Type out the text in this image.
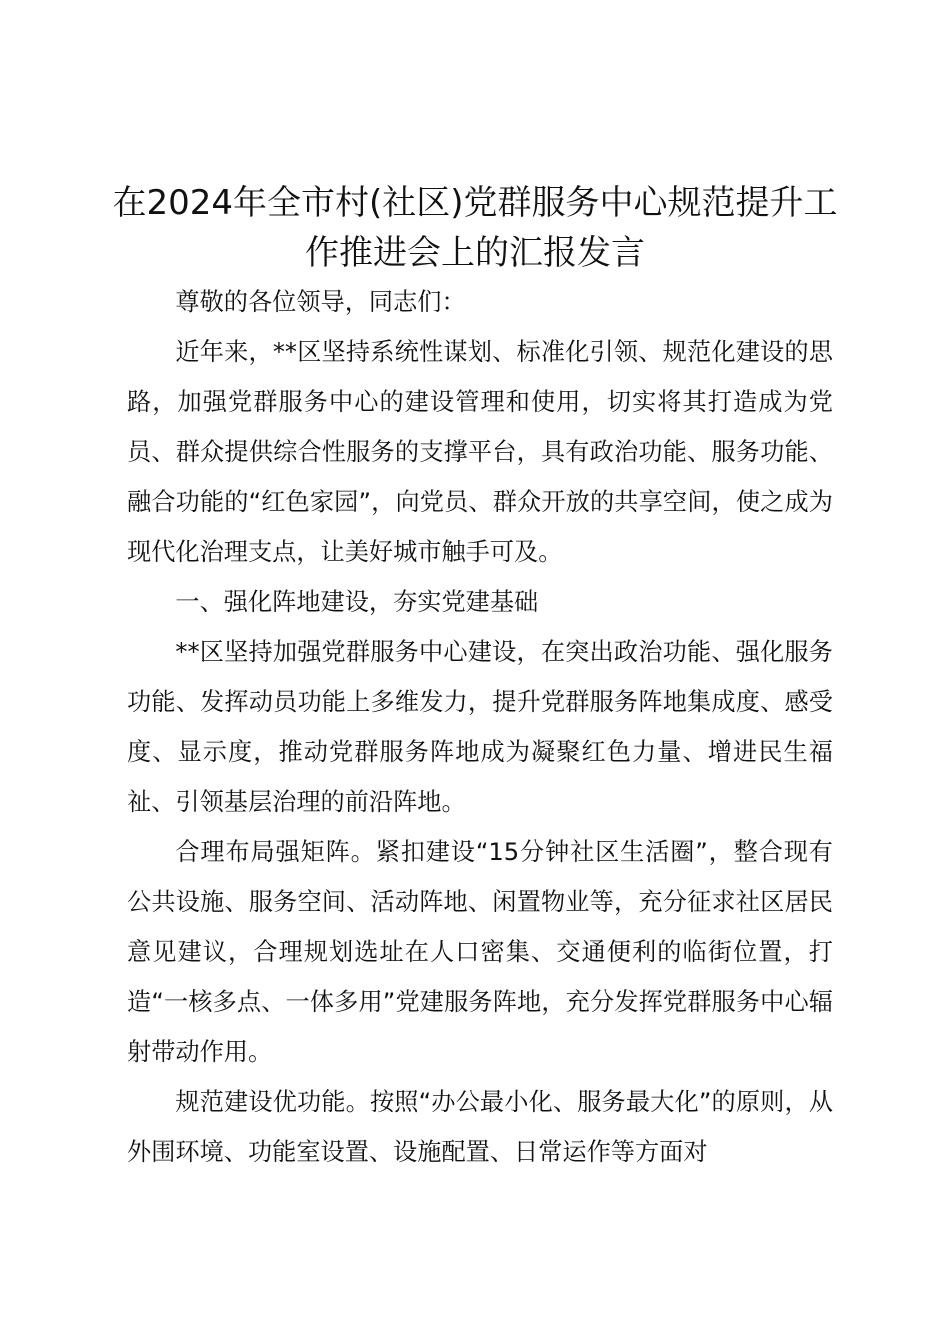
在2024年全市村(社区)党群服务中心规范提升工作推进会上的汇报发言

尊敬的各位领导，同志们：

近年来，**区坚持系统性谋划、标准化引领、规范化建设的思路，加强党群服务中心的建设管理和使用，切实将其打造成为党员、群众提供综合性服务的支撑平台，具有政治功能、服务功能、融合功能的“红色家园”，向党员、群众开放的共享空间，使之成为现代化治理支点，让美好城市触手可及。

一、强化阵地建设，夯实党建基础

**区坚持加强党群服务中心建设，在突出政治功能、强化服务功能、发挥动员功能上多维发力，提升党群服务阵地集成度、感受度、显示度，推动党群服务阵地成为凝聚红色力量、增进民生福祉、引领基层治理的前沿阵地。

合理布局强矩阵。紧扣建设“15分钟社区生活圈”，整合现有公共设施、服务空间、活动阵地、闲置物业等，充分征求社区居民意见建议，合理规划选址在人口密集、交通便利的临街位置，打造“一核多点、一体多用”党建服务阵地，充分发挥党群服务中心辐射带动作用。

规范建设优功能。按照“办公最小化、服务最大化”的原则，从外围环境、功能室设置、设施配置、日常运作等方面对
